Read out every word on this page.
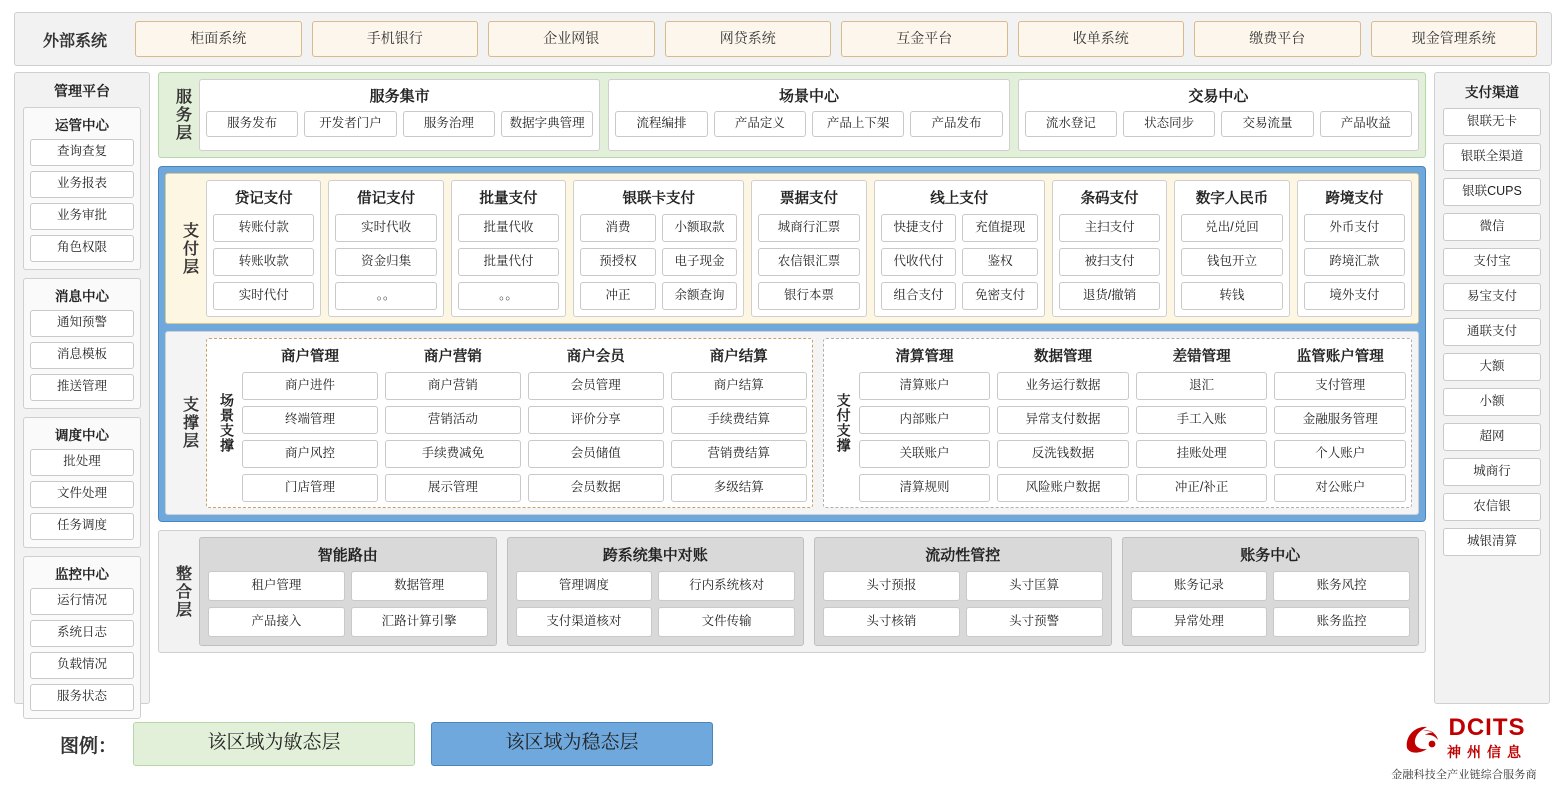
外部系统	柜面系统	手机银行	企业网银	网贷系统	互金平台	收单系统	缴费平台	现金管理系统
管理平台
运管中心
查询查复
业务报表
业务审批
角色权限
消息中心
通知预警
消息模板
推送管理
调度中心
批处理
文件处理
任务调度
监控中心
运行情况
系统日志
负载情况
服务状态
支付渠道
银联无卡
银联全渠道
银联CUPS
微信
支付宝
易宝支付
通联支付
大额
小额
超网
城商行
农信银
城银清算
服务层	服务集市
服务发布	开发者门户	服务治理	数据字典管理
场景中心
流程编排	产品定义	产品上下架	产品发布
交易中心
流水登记	状态同步	交易流量	产品收益
支付层
贷记支付
转账付款
转账收款
实时代付
借记支付
实时代收
资金归集
。。
批量支付
批量代收
批量代付
。。
银联卡支付
消费	小额取款
预授权	电子现金
冲正	余额查询
票据支付
城商行汇票
农信银汇票
银行本票
线上支付
快捷支付	充值提现
代收代付	鉴权
组合支付	免密支付
条码支付
主扫支付
被扫支付
退货/撤销
数字人民币
兑出/兑回
钱包开立
转钱
跨境支付
外币支付
跨境汇款
境外支付
支撑层	场景支撑
商户管理
商户进件
终端管理
商户风控
门店管理
商户营销
商户营销
营销活动
手续费减免
展示管理
商户会员
会员管理
评价分享
会员储值
会员数据
商户结算
商户结算
手续费结算
营销费结算
多级结算
支付支撑
清算管理
清算账户
内部账户
关联账户
清算规则
数据管理
业务运行数据
异常支付数据
反洗钱数据
风险账户数据
差错管理
退汇
手工入账
挂账处理
冲正/补正
监管账户管理
支付管理
金融服务管理
个人账户
对公账户
整合层
智能路由
租户管理	数据管理
产品接入	汇路计算引擎
跨系统集中对账
管理调度	行内系统核对
支付渠道核对	文件传输
流动性管控
头寸预报	头寸匡算
头寸核销	头寸预警
账务中心
账务记录	账务风控
异常处理	账务监控
图例：	该区域为敏态层	该区域为稳态层
DCITS
神州信息
金融科技全产业链综合服务商
